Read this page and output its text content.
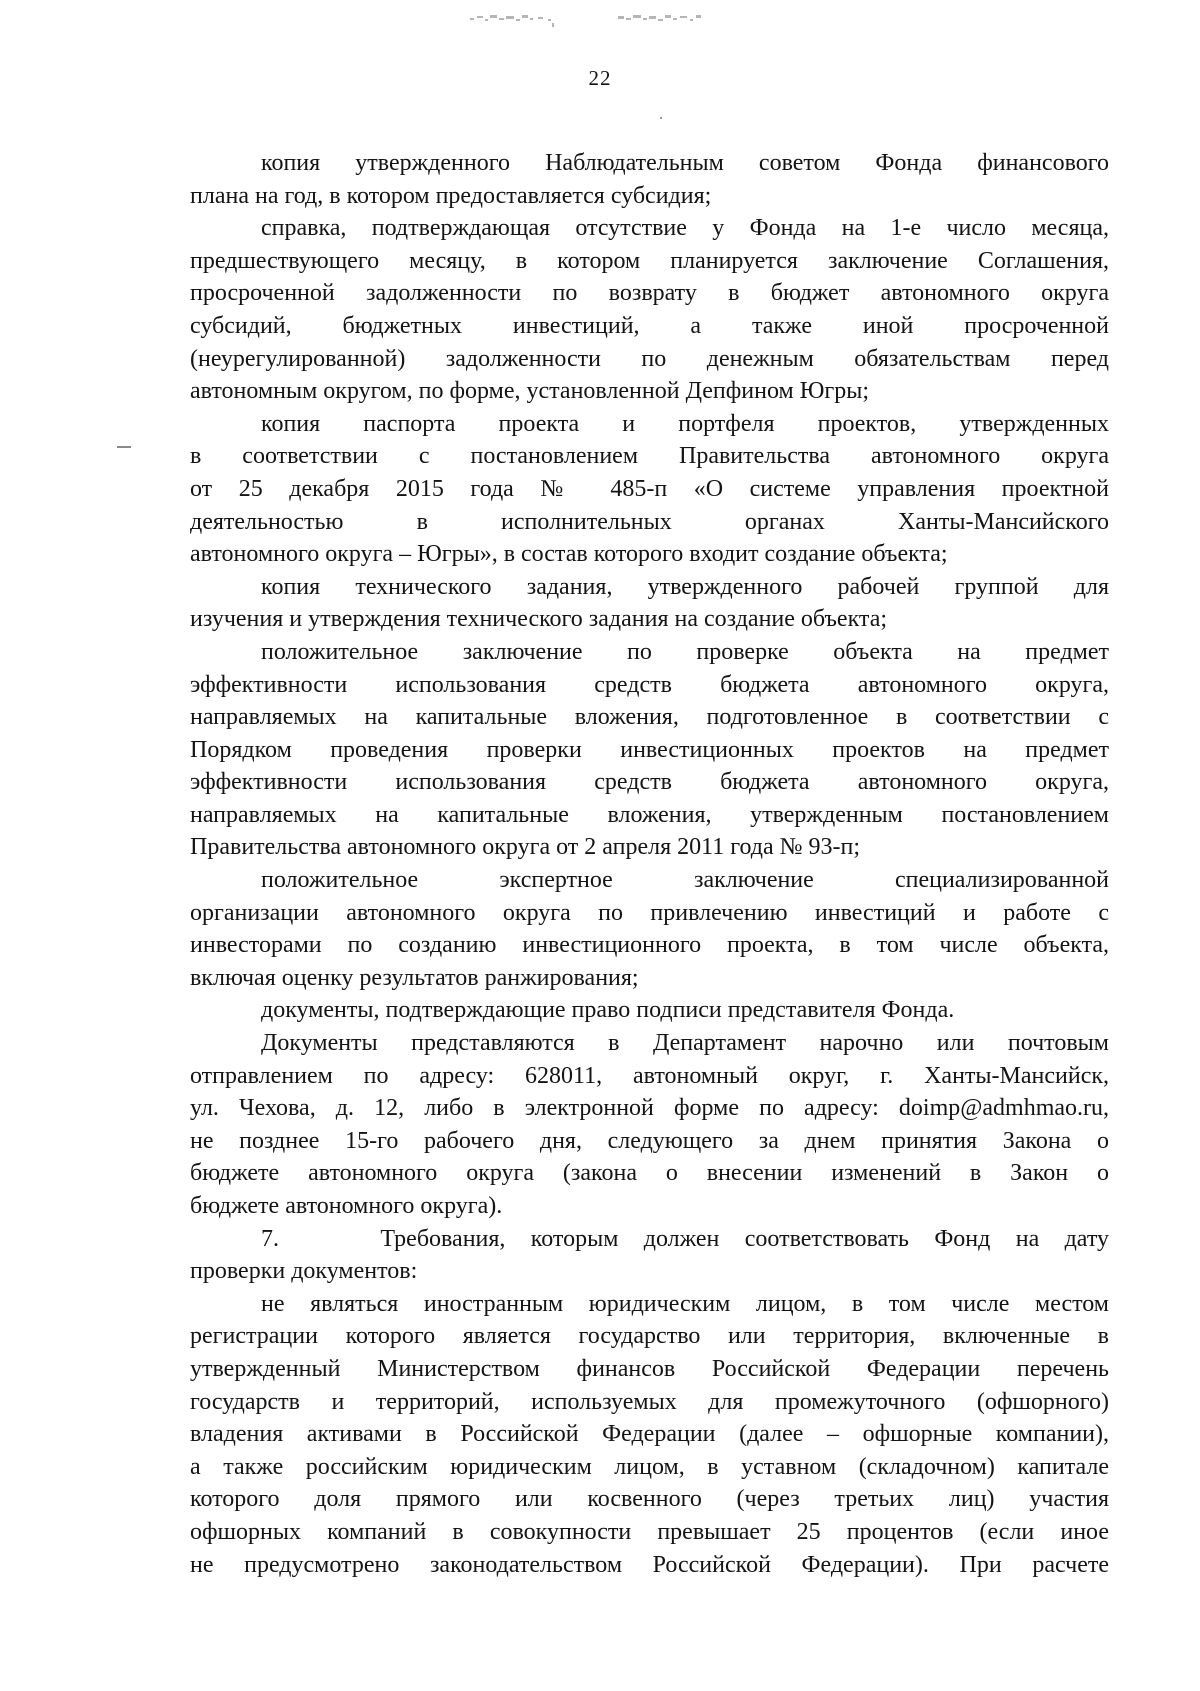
22

копия утвержденного Наблюдательным советом Фонда финансового

плана на год, в котором предоставляется субсидия;

справка, подтверждающая отсутствие у Фонда на 1-е число месяца,

предшествующего месяцу, в котором планируется заключение Соглашения,

просроченной задолженности по возврату в бюджет автономного округа

субсидий, бюджетных инвестиций, а также иной просроченной

(неурегулированной) задолженности по денежным обязательствам перед

автономным округом, по форме, установленной Депфином Югры;

копия паспорта проекта и портфеля проектов, утвержденных

в соответствии с постановлением Правительства автономного округа

от 25 декабря 2015 года № 485-п «О системе управления проектной

деятельностью в исполнительных органах Ханты-Мансийского

автономного округа – Югры», в состав которого входит создание объекта;

копия технического задания, утвержденного рабочей группой для

изучения и утверждения технического задания на создание объекта;

положительное заключение по проверке объекта на предмет

эффективности использования средств бюджета автономного округа,

направляемых на капитальные вложения, подготовленное в соответствии с

Порядком проведения проверки инвестиционных проектов на предмет

эффективности использования средств бюджета автономного округа,

направляемых на капитальные вложения, утвержденным постановлением

Правительства автономного округа от 2 апреля 2011 года № 93-п;

положительное экспертное заключение специализированной

организации автономного округа по привлечению инвестиций и работе с

инвесторами по созданию инвестиционного проекта, в том числе объекта,

включая оценку результатов ранжирования;

документы, подтверждающие право подписи представителя Фонда.

Документы представляются в Департамент нарочно или почтовым

отправлением по адресу: 628011, автономный округ, г. Ханты-Мансийск,

ул. Чехова, д. 12, либо в электронной форме по адресу: doimp@admhmao.ru,

не позднее 15-го рабочего дня, следующего за днем принятия Закона о

бюджете автономного округа (закона о внесении изменений в Закон о

бюджете автономного округа).

7.    Требования, которым должен соответствовать Фонд на дату

проверки документов:

не являться иностранным юридическим лицом, в том числе местом

регистрации которого является государство или территория, включенные в

утвержденный Министерством финансов Российской Федерации перечень

государств и территорий, используемых для промежуточного (офшорного)

владения активами в Российской Федерации (далее – офшорные компании),

а также российским юридическим лицом, в уставном (складочном) капитале

которого доля прямого или косвенного (через третьих лиц) участия

офшорных компаний в совокупности превышает 25 процентов (если иное

не предусмотрено законодательством Российской Федерации). При расчете
